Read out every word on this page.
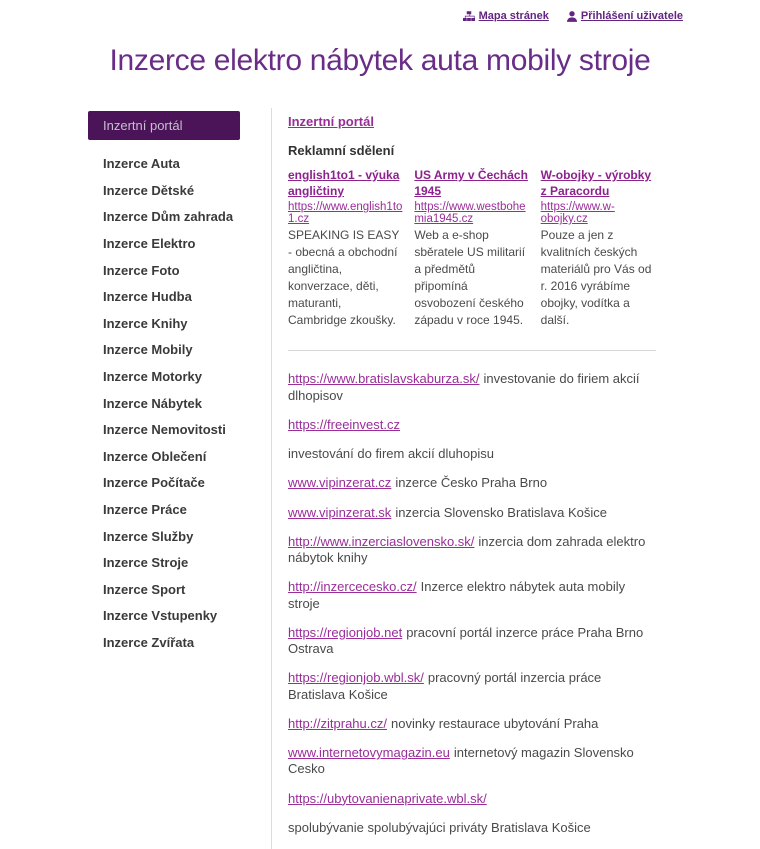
Mapa stránek	Přihlášení uživatele
Inzerce elektro nábytek auta mobily stroje
Inzertní portál
Inzerce Auta
Inzerce Dětské
Inzerce Dům zahrada
Inzerce Elektro
Inzerce Foto
Inzerce Hudba
Inzerce Knihy
Inzerce Mobily
Inzerce Motorky
Inzerce Nábytek
Inzerce Nemovitosti
Inzerce Oblečení
Inzerce Počítače
Inzerce Práce
Inzerce Služby
Inzerce Stroje
Inzerce Sport
Inzerce Vstupenky
Inzerce Zvířata
Inzertní portál
Reklamní sdělení
english1to1 - výuka angličtiny
https://www.english1to1.cz
SPEAKING IS EASY - obecná a obchodní angličtina, konverzace, děti, maturanti, Cambridge zkoušky.
US Army v Čechách 1945
https://www.westbohemia1945.cz
Web a e-shop sběratele US militarií a předmětů připomíná osvobození českého západu v roce 1945.
W-obojky - výrobky z Paracordu
https://www.w-obojky.cz
Pouze a jen z kvalitních českých materiálů pro Vás od r. 2016 vyrábíme obojky, vodítka a další.

https://www.bratislavskaburza.sk/ investovanie do firiem akcií dlhopisov

https://freeinvest.cz

investování do firem akcií dluhopisu

www.vipinzerat.cz inzerce Česko Praha Brno

www.vipinzerat.sk inzercia Slovensko Bratislava Košice

http://www.inzerciaslovensko.sk/ inzercia dom zahrada elektro nábytok knihy

http://inzercecesko.cz/ Inzerce elektro nábytek auta mobily stroje

https://regionjob.net pracovní portál inzerce práce Praha Brno Ostrava

https://regionjob.wbl.sk/ pracovný portál inzercia práce Bratislava Košice

http://zitprahu.cz/ novinky restaurace ubytování Praha

www.internetovymagazin.eu internetový magazin Slovensko Cesko

https://ubytovanienaprivate.wbl.sk/

spolubývanie spolubývajúci priváty Bratislava Košice
